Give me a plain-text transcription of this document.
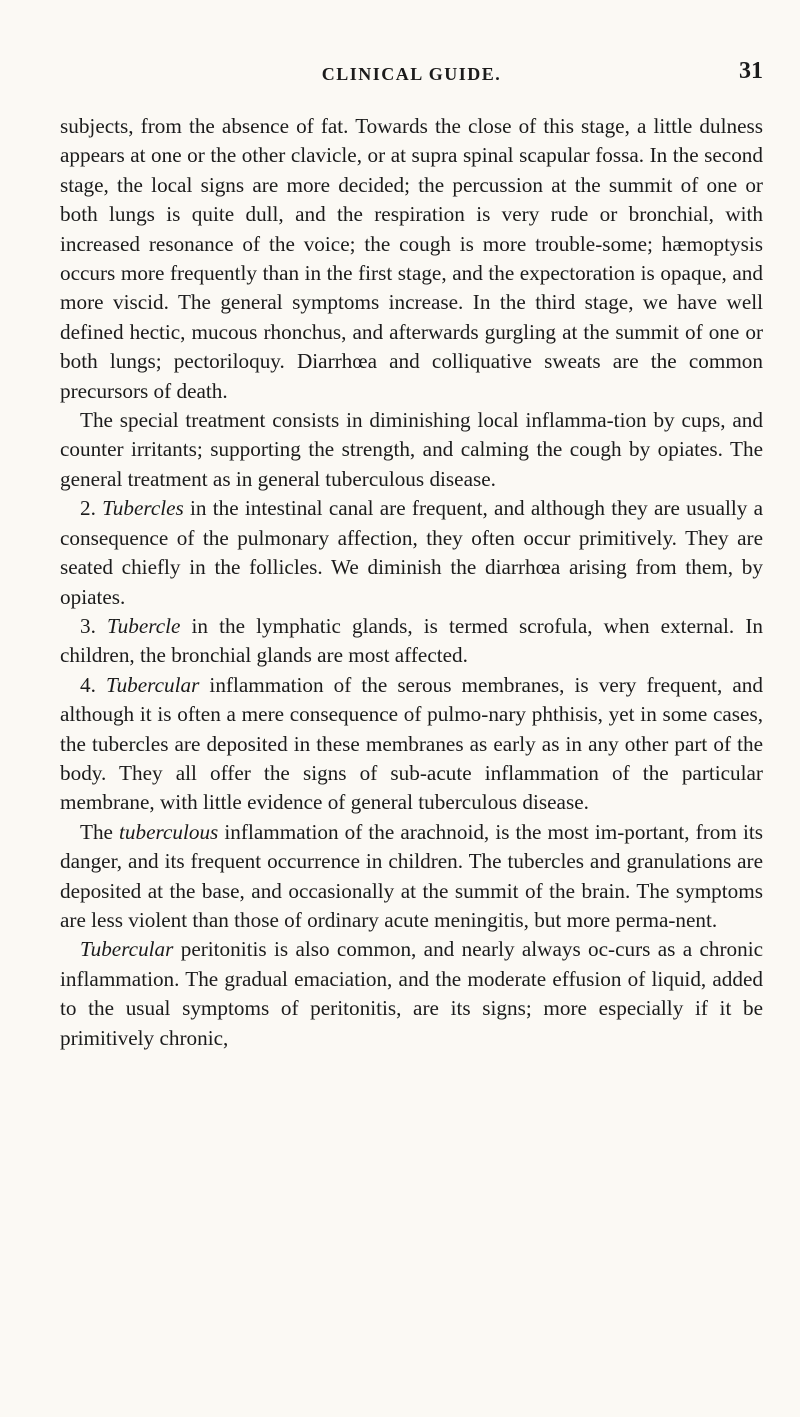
CLINICAL GUIDE.	31

subjects, from the absence of fat. Towards the close of this stage, a little dulness appears at one or the other clavicle, or at supra spinal scapular fossa. In the second stage, the local signs are more decided; the percussion at the summit of one or both lungs is quite dull, and the respiration is very rude or bronchial, with increased resonance of the voice; the cough is more trouble-some; hæmoptysis occurs more frequently than in the first stage, and the expectoration is opaque, and more viscid. The general symptoms increase. In the third stage, we have well defined hectic, mucous rhonchus, and afterwards gurgling at the summit of one or both lungs; pectoriloquy. Diarrhœa and colliquative sweats are the common precursors of death.

The special treatment consists in diminishing local inflamma-tion by cups, and counter irritants; supporting the strength, and calming the cough by opiates. The general treatment as in general tuberculous disease.

2. Tubercles in the intestinal canal are frequent, and although they are usually a consequence of the pulmonary affection, they often occur primitively. They are seated chiefly in the follicles. We diminish the diarrhœa arising from them, by opiates.

3. Tubercle in the lymphatic glands, is termed scrofula, when external. In children, the bronchial glands are most affected.

4. Tubercular inflammation of the serous membranes, is very frequent, and although it is often a mere consequence of pulmo-nary phthisis, yet in some cases, the tubercles are deposited in these membranes as early as in any other part of the body. They all offer the signs of sub-acute inflammation of the particular membrane, with little evidence of general tuberculous disease.

The tuberculous inflammation of the arachnoid, is the most im-portant, from its danger, and its frequent occurrence in children. The tubercles and granulations are deposited at the base, and occasionally at the summit of the brain. The symptoms are less violent than those of ordinary acute meningitis, but more perma-nent.

Tubercular peritonitis is also common, and nearly always oc-curs as a chronic inflammation. The gradual emaciation, and the moderate effusion of liquid, added to the usual symptoms of peritonitis, are its signs; more especially if it be primitively chronic,
